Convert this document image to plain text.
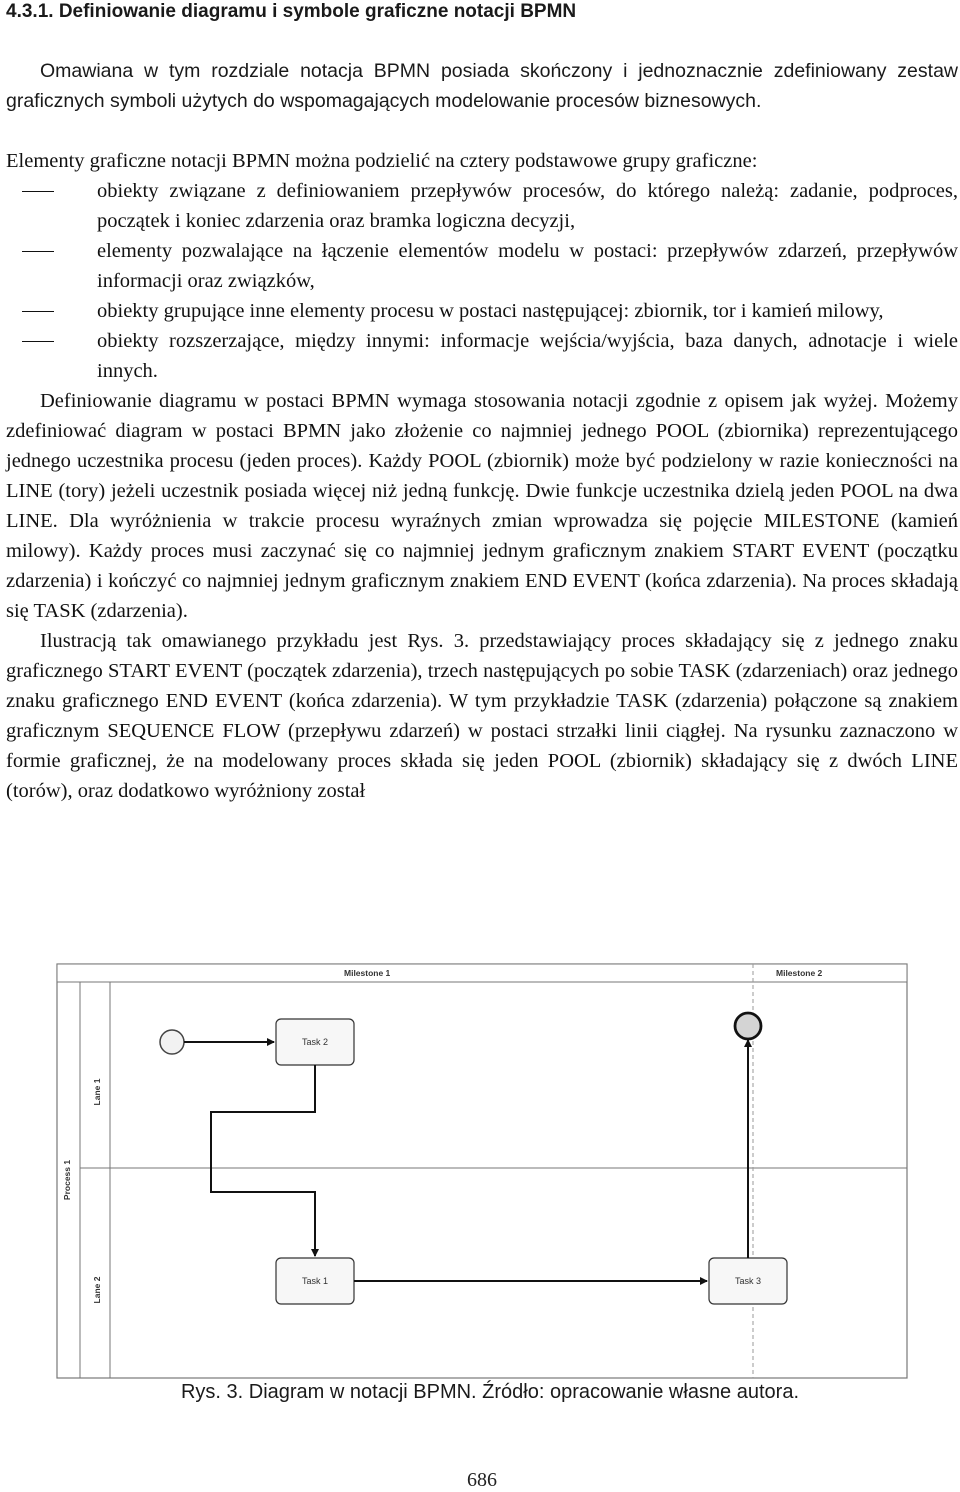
4.3.1. Definiowanie diagramu i symbole graficzne notacji BPMN

Omawiana w tym rozdziale notacja BPMN posiada skończony i jednoznacznie zdefiniowany zestaw graficznych symboli użytych do wspomagających modelowanie procesów biznesowych.

Elementy graficzne notacji BPMN można podzielić na cztery podstawowe grupy graficzne:

obiekty związane z definiowaniem przepływów procesów, do którego należą: zadanie, podproces, początek i koniec zdarzenia oraz bramka logiczna decyzji,
elementy pozwalające na łączenie elementów modelu w postaci: przepływów zdarzeń, przepływów informacji oraz związków,
obiekty grupujące inne elementy procesu w postaci następującej: zbiornik, tor i kamień milowy,
obiekty rozszerzające, między innymi: informacje wejścia/wyjścia, baza danych, adnotacje i wiele innych.

Definiowanie diagramu w postaci BPMN wymaga stosowania notacji zgodnie z opisem jak wyżej. Możemy zdefiniować diagram w postaci BPMN jako złożenie co najmniej jednego POOL (zbiornika) reprezentującego jednego uczestnika procesu (jeden proces). Każdy POOL (zbiornik) może być podzielony w razie konieczności na LINE (tory) jeżeli uczestnik posiada więcej niż jedną funkcję. Dwie funkcje uczestnika dzielą jeden POOL na dwa LINE. Dla wyróżnienia w trakcie procesu wyraźnych zmian wprowadza się pojęcie MILESTONE (kamień milowy). Każdy proces musi zaczynać się co najmniej jednym graficznym znakiem START EVENT (początku zdarzenia) i kończyć co najmniej jednym graficznym znakiem END EVENT (końca zdarzenia). Na proces składają się TASK (zdarzenia).

Ilustracją tak omawianego przykładu jest Rys. 3. przedstawiający proces składający się z jednego znaku graficznego START EVENT (początek zdarzenia), trzech następujących po sobie TASK (zdarzeniach) oraz jednego znaku graficznego END EVENT (końca zdarzenia). W tym przykładzie TASK (zdarzenia) połączone są znakiem graficznym SEQUENCE FLOW (przepływu zdarzeń) w postaci strzałki linii ciągłej. Na rysunku zaznaczono w formie graficznej, że na modelowany proces składa się jeden POOL (zbiornik) składający się z dwóch LINE (torów), oraz dodatkowo wyróżniony został

Milestone 1	Milestone 2
Process 1
Lane 1
Lane 2
Task 2
Task 1	Task 3
Rys. 3. Diagram w notacji BPMN. Źródło: opracowanie własne autora.
686
